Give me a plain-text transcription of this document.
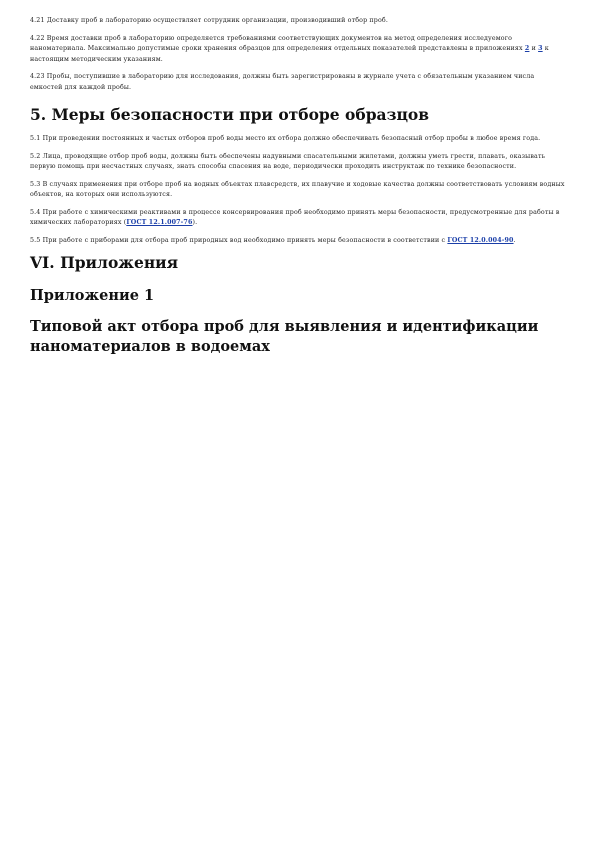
4.21 Доставку проб в лабораторию осуществляет сотрудник организации, производивший отбор проб.

4.22 Время доставки проб в лабораторию определяется требованиями соответствующих документов на метод определения исследуемого наноматериала. Максимально допустимые сроки хранения образцов для определения отдельных показателей представлены в приложениях 2 и 3 к настоящим методическим указаниям.

4.23 Пробы, поступившие в лабораторию для исследования, должны быть зарегистрированы в журнале учета с обязательным указанием числа емкостей для каждой пробы.

5. Меры безопасности при отборе образцов

5.1 При проведении постоянных и частых отборов проб воды место их отбора должно обеспечивать безопасный отбор пробы в любое время года.

5.2 Лица, проводящие отбор проб воды, должны быть обеспечены надувными спасательными жилетами, должны уметь грести, плавать, оказывать первую помощь при несчастных случаях, знать способы спасения на воде, периодически проходить инструктаж по технике безопасности.

5.3 В случаях применения при отборе проб на водных объектах плавсредств, их плавучие и ходовые качества должны соответствовать условиям водных объектов, на которых они используются.

5.4 При работе с химическими реактивами в процессе консервирования проб необходимо принять меры безопасности, предусмотренные для работы в химических лабораториях (ГОСТ 12.1.007-76).

5.5 При работе с приборами для отбора проб природных вод необходимо принять меры безопасности в соответствии с ГОСТ 12.0.004-90.

VI. Приложения
Приложение 1
Типовой акт отбора проб для выявления и идентификации наноматериалов в водоемах
